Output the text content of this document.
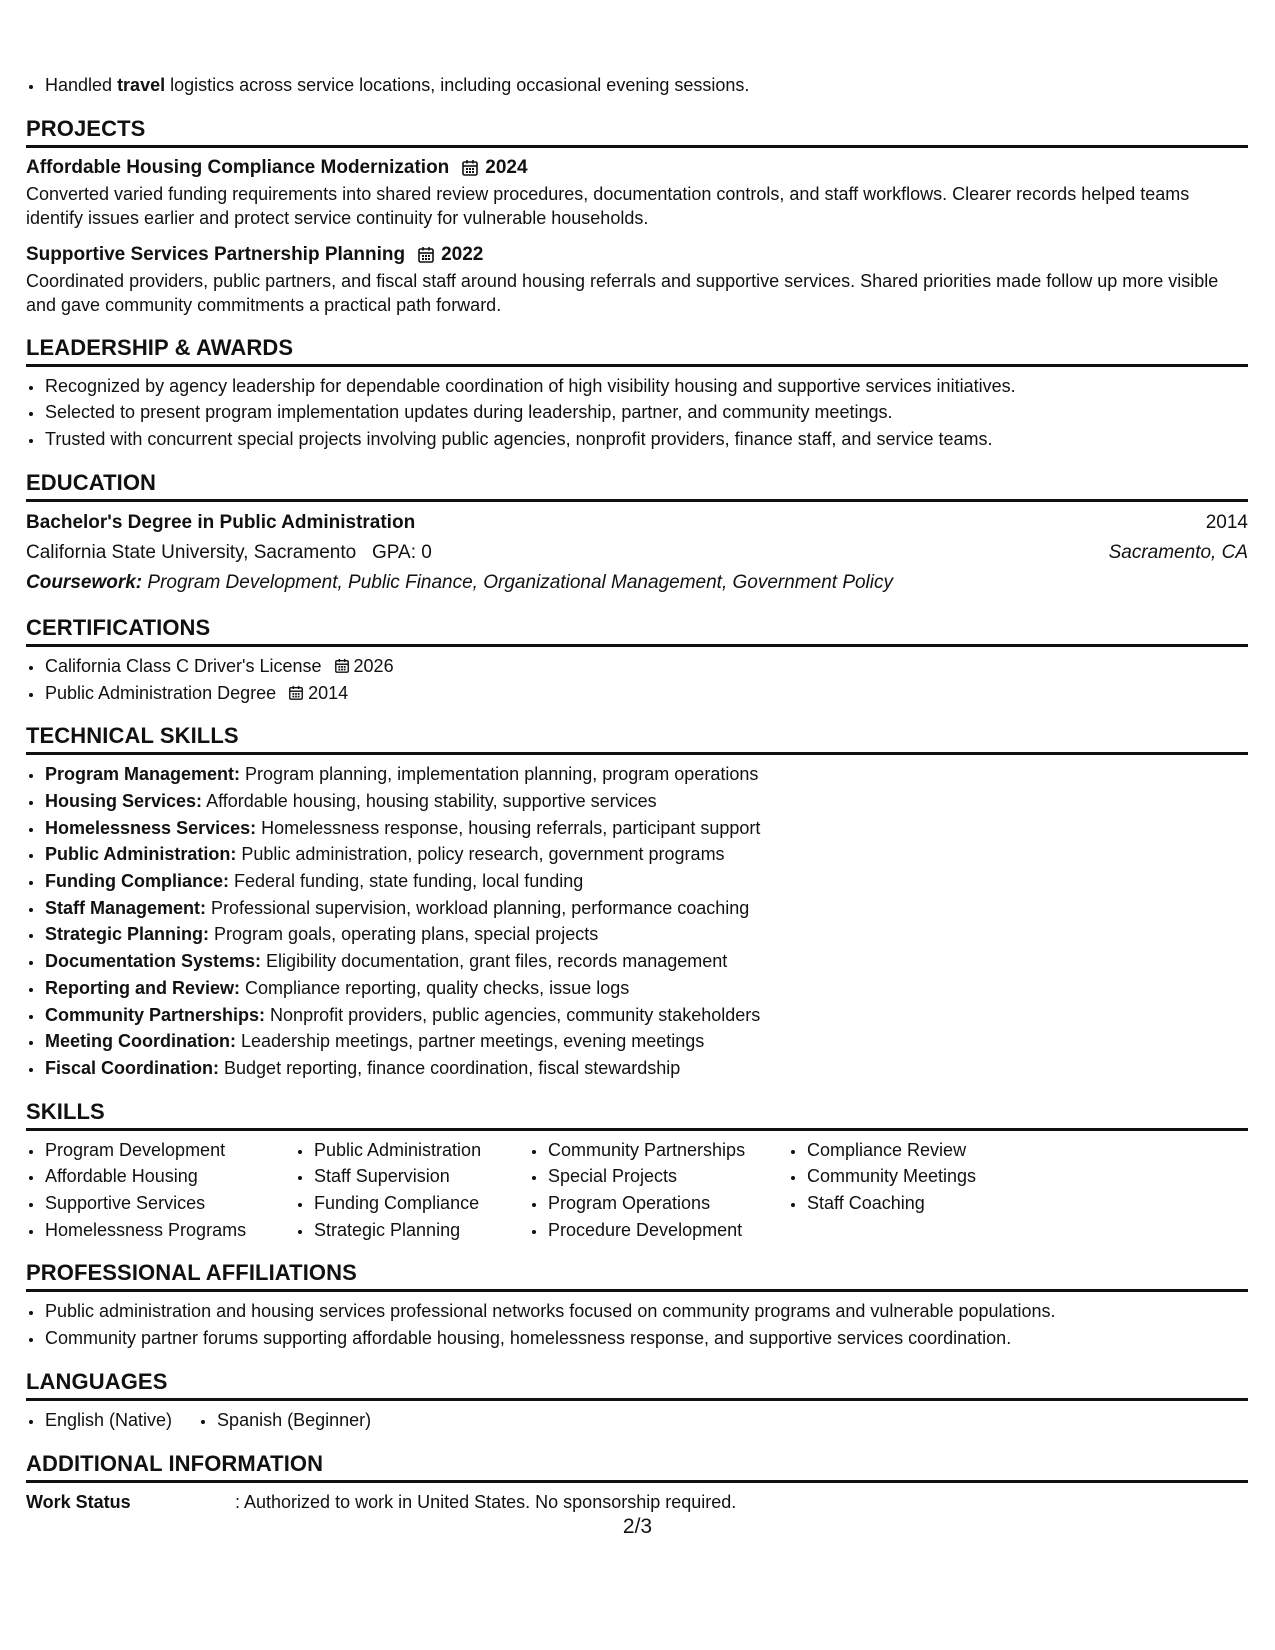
• Handled travel logistics across service locations, including occasional evening sessions.
PROJECTS
Affordable Housing Compliance Modernization 2024
Converted varied funding requirements into shared review procedures, documentation controls, and staff workflows. Clearer records helped teams identify issues earlier and protect service continuity for vulnerable households.
Supportive Services Partnership Planning 2022
Coordinated providers, public partners, and fiscal staff around housing referrals and supportive services. Shared priorities made follow up more visible and gave community commitments a practical path forward.
LEADERSHIP & AWARDS
• Recognized by agency leadership for dependable coordination of high visibility housing and supportive services initiatives.
• Selected to present program implementation updates during leadership, partner, and community meetings.
• Trusted with concurrent special projects involving public agencies, nonprofit providers, finance staff, and service teams.
EDUCATION
Bachelor's Degree in Public Administration	2014
California State University, Sacramento GPA: 0	Sacramento, CA
Coursework: Program Development, Public Finance, Organizational Management, Government Policy
CERTIFICATIONS
• California Class C Driver's License 2026
• Public Administration Degree 2014
TECHNICAL SKILLS
• Program Management: Program planning, implementation planning, program operations
• Housing Services: Affordable housing, housing stability, supportive services
• Homelessness Services: Homelessness response, housing referrals, participant support
• Public Administration: Public administration, policy research, government programs
• Funding Compliance: Federal funding, state funding, local funding
• Staff Management: Professional supervision, workload planning, performance coaching
• Strategic Planning: Program goals, operating plans, special projects
• Documentation Systems: Eligibility documentation, grant files, records management
• Reporting and Review: Compliance reporting, quality checks, issue logs
• Community Partnerships: Nonprofit providers, public agencies, community stakeholders
• Meeting Coordination: Leadership meetings, partner meetings, evening meetings
• Fiscal Coordination: Budget reporting, finance coordination, fiscal stewardship
SKILLS
• Program Development
• Affordable Housing
• Supportive Services
• Homelessness Programs
• Public Administration
• Staff Supervision
• Funding Compliance
• Strategic Planning
• Community Partnerships
• Special Projects
• Program Operations
• Procedure Development
• Compliance Review
• Community Meetings
• Staff Coaching
PROFESSIONAL AFFILIATIONS
• Public administration and housing services professional networks focused on community programs and vulnerable populations.
• Community partner forums supporting affordable housing, homelessness response, and supportive services coordination.
LANGUAGES
• English (Native)
•	Spanish (Beginner)
ADDITIONAL INFORMATION
Work Status	: Authorized to work in United States. No sponsorship required.
2/3
